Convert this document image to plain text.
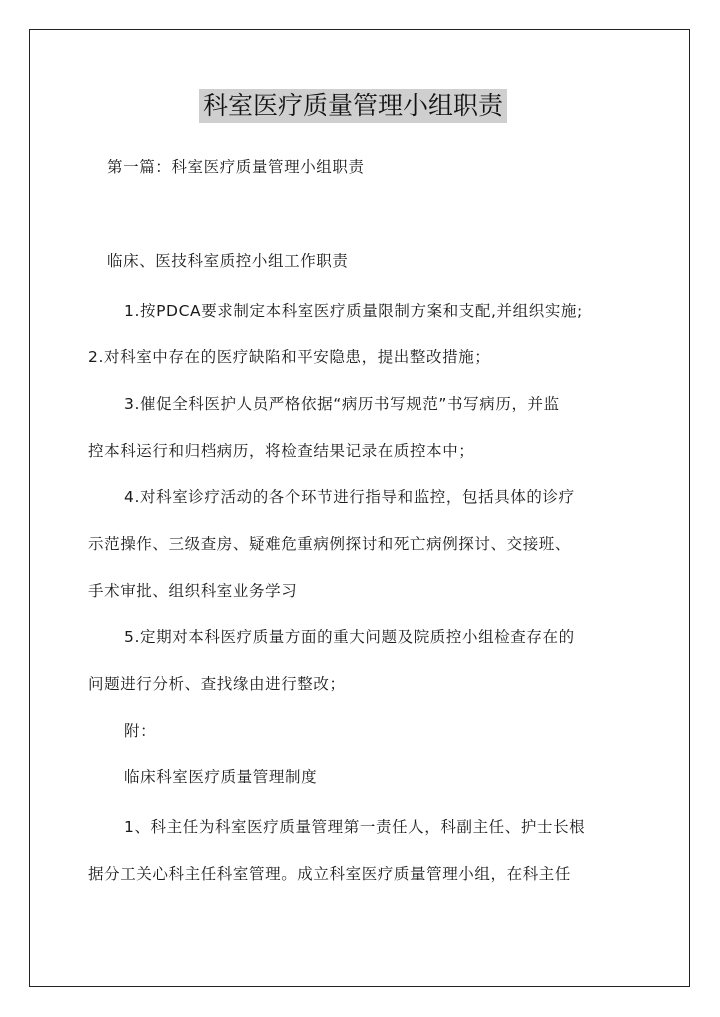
科室医疗质量管理小组职责
第一篇：科室医疗质量管理小组职责
临床、医技科室质控小组工作职责
1.按PDCA要求制定本科室医疗质量限制方案和支配,并组织实施;
2.对科室中存在的医疗缺陷和平安隐患，提出整改措施；
3.催促全科医护人员严格依据“病历书写规范”书写病历，并监
控本科运行和归档病历，将检查结果记录在质控本中；
4.对科室诊疗活动的各个环节进行指导和监控，包括具体的诊疗
示范操作、三级查房、疑难危重病例探讨和死亡病例探讨、交接班、
手术审批、组织科室业务学习
5.定期对本科医疗质量方面的重大问题及院质控小组检查存在的
问题进行分析、查找缘由进行整改；
附：
临床科室医疗质量管理制度
1、科主任为科室医疗质量管理第一责任人，科副主任、护士长根
据分工关心科主任科室管理。成立科室医疗质量管理小组，在科主任
